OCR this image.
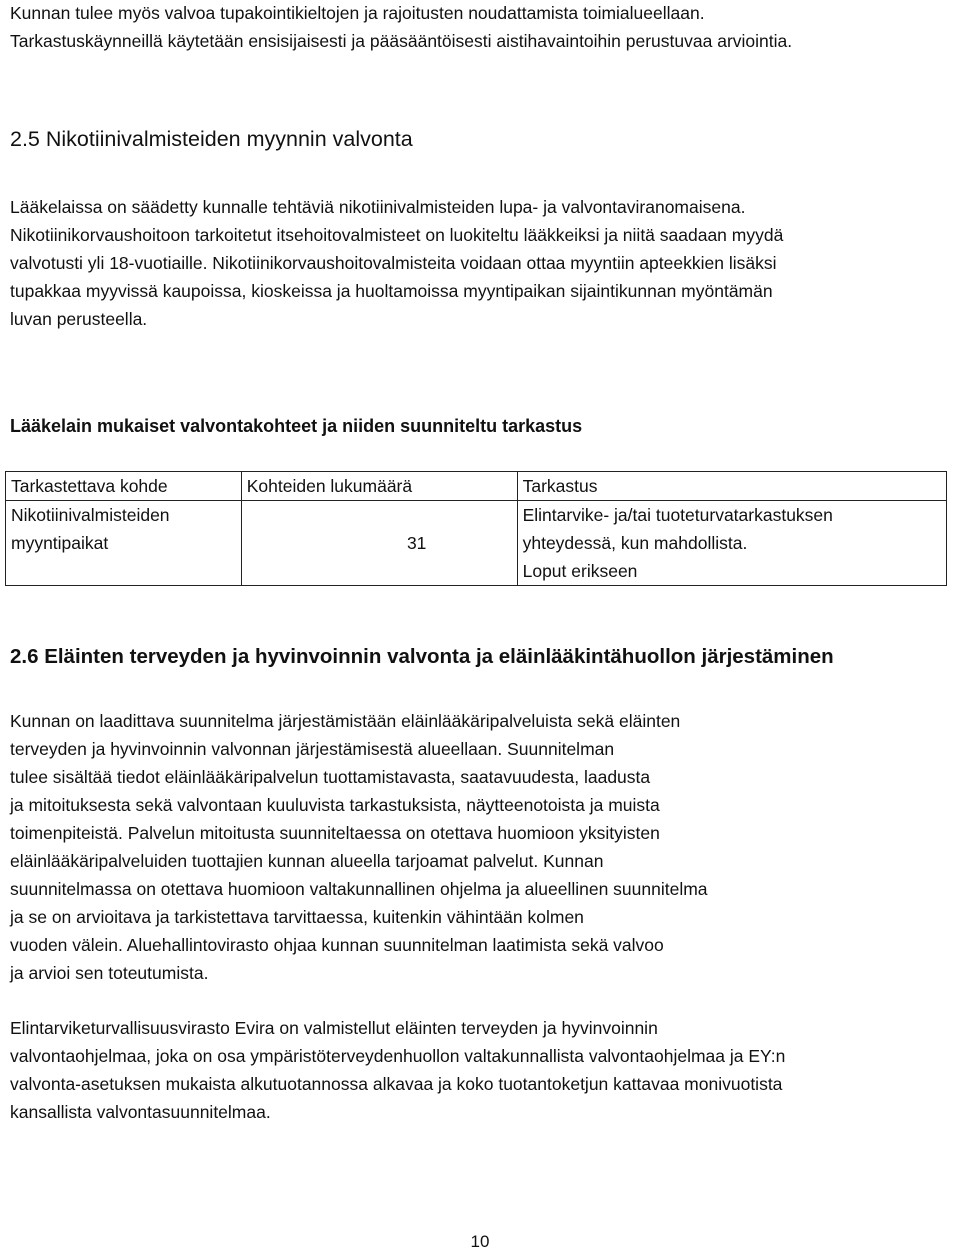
Kunnan tulee myös valvoa tupakointikieltojen ja rajoitusten noudattamista toimialueellaan.
Tarkastuskäynneillä käytetään ensisijaisesti ja pääsääntöisesti aistihavaintoihin perustuvaa arviointia.
2.5 Nikotiinivalmisteiden myynnin valvonta
Lääkelaissa on säädetty kunnalle tehtäviä nikotiinivalmisteiden lupa- ja valvontaviranomaisena.
Nikotiinikorvaushoitoon tarkoitetut itsehoitovalmisteet on luokiteltu lääkkeiksi ja niitä saadaan myydä
valvotusti yli 18-vuotiaille. Nikotiinikorvaushoitovalmisteita voidaan ottaa myyntiin apteekkien lisäksi
tupakkaa myyvissä kaupoissa, kioskeissa ja huoltamoissa myyntipaikan sijaintikunnan myöntämän
luvan perusteella.
Lääkelain mukaiset valvontakohteet ja niiden suunniteltu tarkastus
Tarkastettava kohde	Kohteiden lukumäärä	Tarkastus

Nikotiinivalmisteiden
myyntipaikat	31	Elintarvike- ja/tai tuoteturvatarkastuksen
yhteydessä, kun mahdollista.
Loput erikseen
2.6 Eläinten terveyden ja hyvinvoinnin valvonta ja eläinlääkintähuollon järjestäminen
Kunnan on laadittava suunnitelma järjestämistään eläinlääkäripalveluista sekä eläinten
terveyden ja hyvinvoinnin valvonnan järjestämisestä alueellaan. Suunnitelman
tulee sisältää tiedot eläinlääkäripalvelun tuottamistavasta, saatavuudesta, laadusta
ja mitoituksesta sekä valvontaan kuuluvista tarkastuksista, näytteenotoista ja muista
toimenpiteistä. Palvelun mitoitusta suunniteltaessa on otettava huomioon yksityisten
eläinlääkäripalveluiden tuottajien kunnan alueella tarjoamat palvelut. Kunnan
suunnitelmassa on otettava huomioon valtakunnallinen ohjelma ja alueellinen suunnitelma
ja se on arvioitava ja tarkistettava tarvittaessa, kuitenkin vähintään kolmen
vuoden välein. Aluehallintovirasto ohjaa kunnan suunnitelman laatimista sekä valvoo
ja arvioi sen toteutumista.
Elintarviketurvallisuusvirasto Evira on valmistellut eläinten terveyden ja hyvinvoinnin
valvontaohjelmaa, joka on osa ympäristöterveydenhuollon valtakunnallista valvontaohjelmaa ja EY:n
valvonta-asetuksen mukaista alkutuotannossa alkavaa ja koko tuotantoketjun kattavaa monivuotista
kansallista valvontasuunnitelmaa.
10
